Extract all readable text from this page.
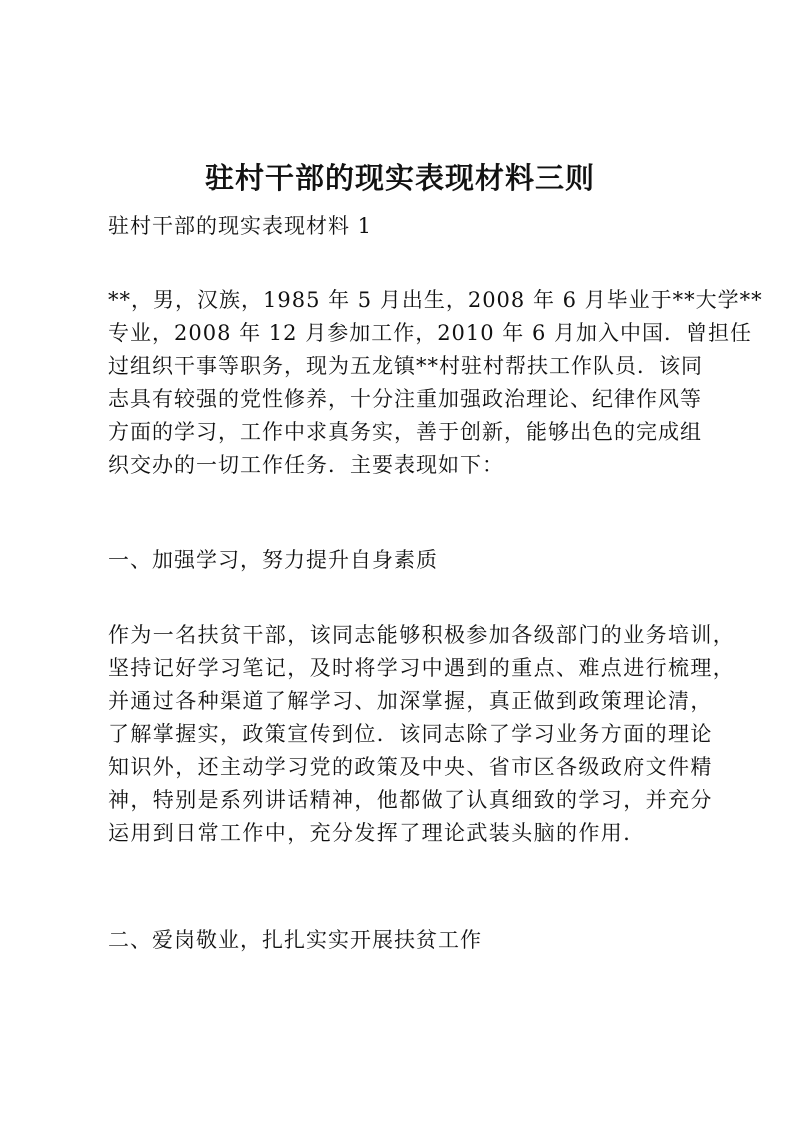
驻村干部的现实表现材料三则

驻村干部的现实表现材料 1

**，男，汉族，1985 年 5 月出生，2008 年 6 月毕业于**大学**
专业，2008 年 12 月参加工作，2010 年 6 月加入中国．曾担任
过组织干事等职务，现为五龙镇**村驻村帮扶工作队员．该同
志具有较强的党性修养，十分注重加强政治理论、纪律作风等
方面的学习，工作中求真务实，善于创新，能够出色的完成组
织交办的一切工作任务．主要表现如下：

一、加强学习，努力提升自身素质

作为一名扶贫干部，该同志能够积极参加各级部门的业务培训，
坚持记好学习笔记，及时将学习中遇到的重点、难点进行梳理，
并通过各种渠道了解学习、加深掌握，真正做到政策理论清，
了解掌握实，政策宣传到位．该同志除了学习业务方面的理论
知识外，还主动学习党的政策及中央、省市区各级政府文件精
神，特别是系列讲话精神，他都做了认真细致的学习，并充分
运用到日常工作中，充分发挥了理论武装头脑的作用．

二、爱岗敬业，扎扎实实开展扶贫工作
